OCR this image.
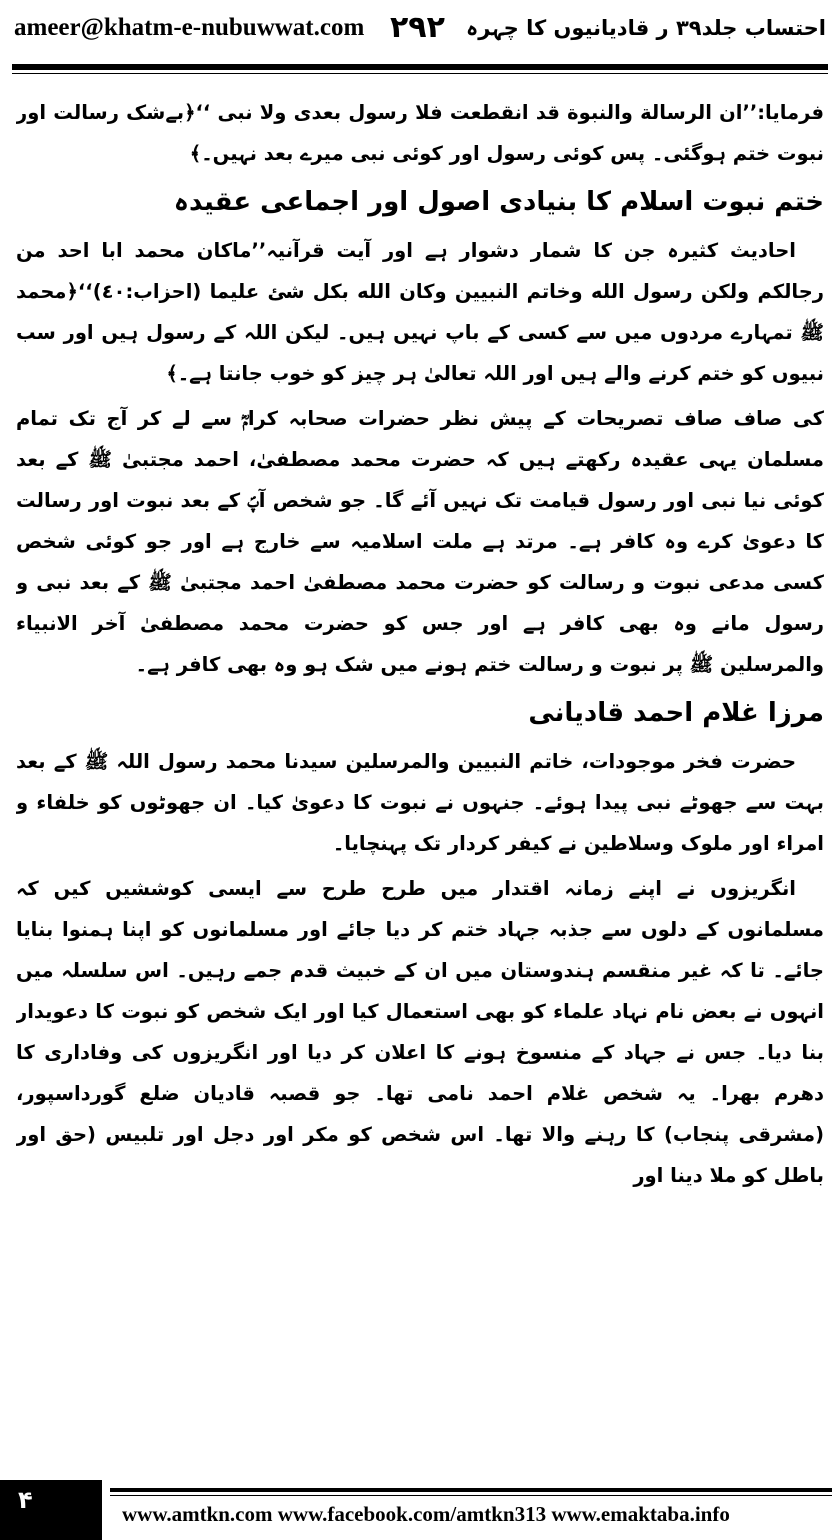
ameer@khatm-e-nubuwwat.com ۲۹۲ احتساب جلد۳۹ ر قادیانیوں کا چہرہ

فرمایا:’’ان الرسالة والنبوة قد انقطعت فلا رسول بعدی ولا نبی ‘‘﴿بےشک رسالت اور نبوت ختم ہوگئی۔ پس کوئی رسول اور کوئی نبی میرے بعد نہیں۔﴾

ختم نبوت اسلام کا بنیادی اصول اور اجماعی عقیدہ

احادیث کثیرہ جن کا شمار دشوار ہے اور آیت قرآنیہ’’ماکان محمد ابا احد من رجالکم ولکن رسول الله وخاتم النبیین وکان الله بکل شئ علیما (احزاب:٤٠)‘‘﴿محمد ﷺ تمہارے مردوں میں سے کسی کے باپ نہیں ہیں۔ لیکن اللہ کے رسول ہیں اور سب نبیوں کو ختم کرنے والے ہیں اور اللہ تعالیٰ ہر چیز کو خوب جانتا ہے۔﴾

کی صاف صاف تصریحات کے پیش نظر حضرات صحابہ کرامؓ سے لے کر آج تک تمام مسلمان یہی عقیدہ رکھتے ہیں کہ حضرت محمد مصطفیٰ، احمد مجتبیٰ ﷺ کے بعد کوئی نیا نبی اور رسول قیامت تک نہیں آئے گا۔ جو شخص آپؐ کے بعد نبوت اور رسالت کا دعویٰ کرے وہ کافر ہے۔ مرتد ہے ملت اسلامیہ سے خارج ہے اور جو کوئی شخص کسی مدعی نبوت و رسالت کو حضرت محمد مصطفیٰ احمد مجتبیٰ ﷺ کے بعد نبی و رسول مانے وہ بھی کافر ہے اور جس کو حضرت محمد مصطفیٰ آخر الانبیاء والمرسلین ﷺ پر نبوت و رسالت ختم ہونے میں شک ہو وہ بھی کافر ہے۔

مرزا غلام احمد قادیانی

حضرت فخر موجودات، خاتم النبیین والمرسلین سیدنا محمد رسول اللہ ﷺ کے بعد بہت سے جھوٹے نبی پیدا ہوئے۔ جنہوں نے نبوت کا دعویٰ کیا۔ ان جھوٹوں کو خلفاء و امراء اور ملوک وسلاطین نے کیفر کردار تک پہنچایا۔

انگریزوں نے اپنے زمانہ اقتدار میں طرح طرح سے ایسی کوششیں کیں کہ مسلمانوں کے دلوں سے جذبہ جہاد ختم کر دیا جائے اور مسلمانوں کو اپنا ہمنوا بنایا جائے۔ تا کہ غیر منقسم ہندوستان میں ان کے خبیث قدم جمے رہیں۔ اس سلسلہ میں انہوں نے بعض نام نہاد علماء کو بھی استعمال کیا اور ایک شخص کو نبوت کا دعویدار بنا دیا۔ جس نے جہاد کے منسوخ ہونے کا اعلان کر دیا اور انگریزوں کی وفاداری کا دھرم بھرا۔ یہ شخص غلام احمد نامی تھا۔ جو قصبہ قادیان ضلع گورداسپور، (مشرقی پنجاب) کا رہنے والا تھا۔ اس شخص کو مکر اور دجل اور تلبیس (حق اور باطل کو ملا دینا اور

۴	www.amtkn.com www.facebook.com/amtkn313 www.emaktaba.info
